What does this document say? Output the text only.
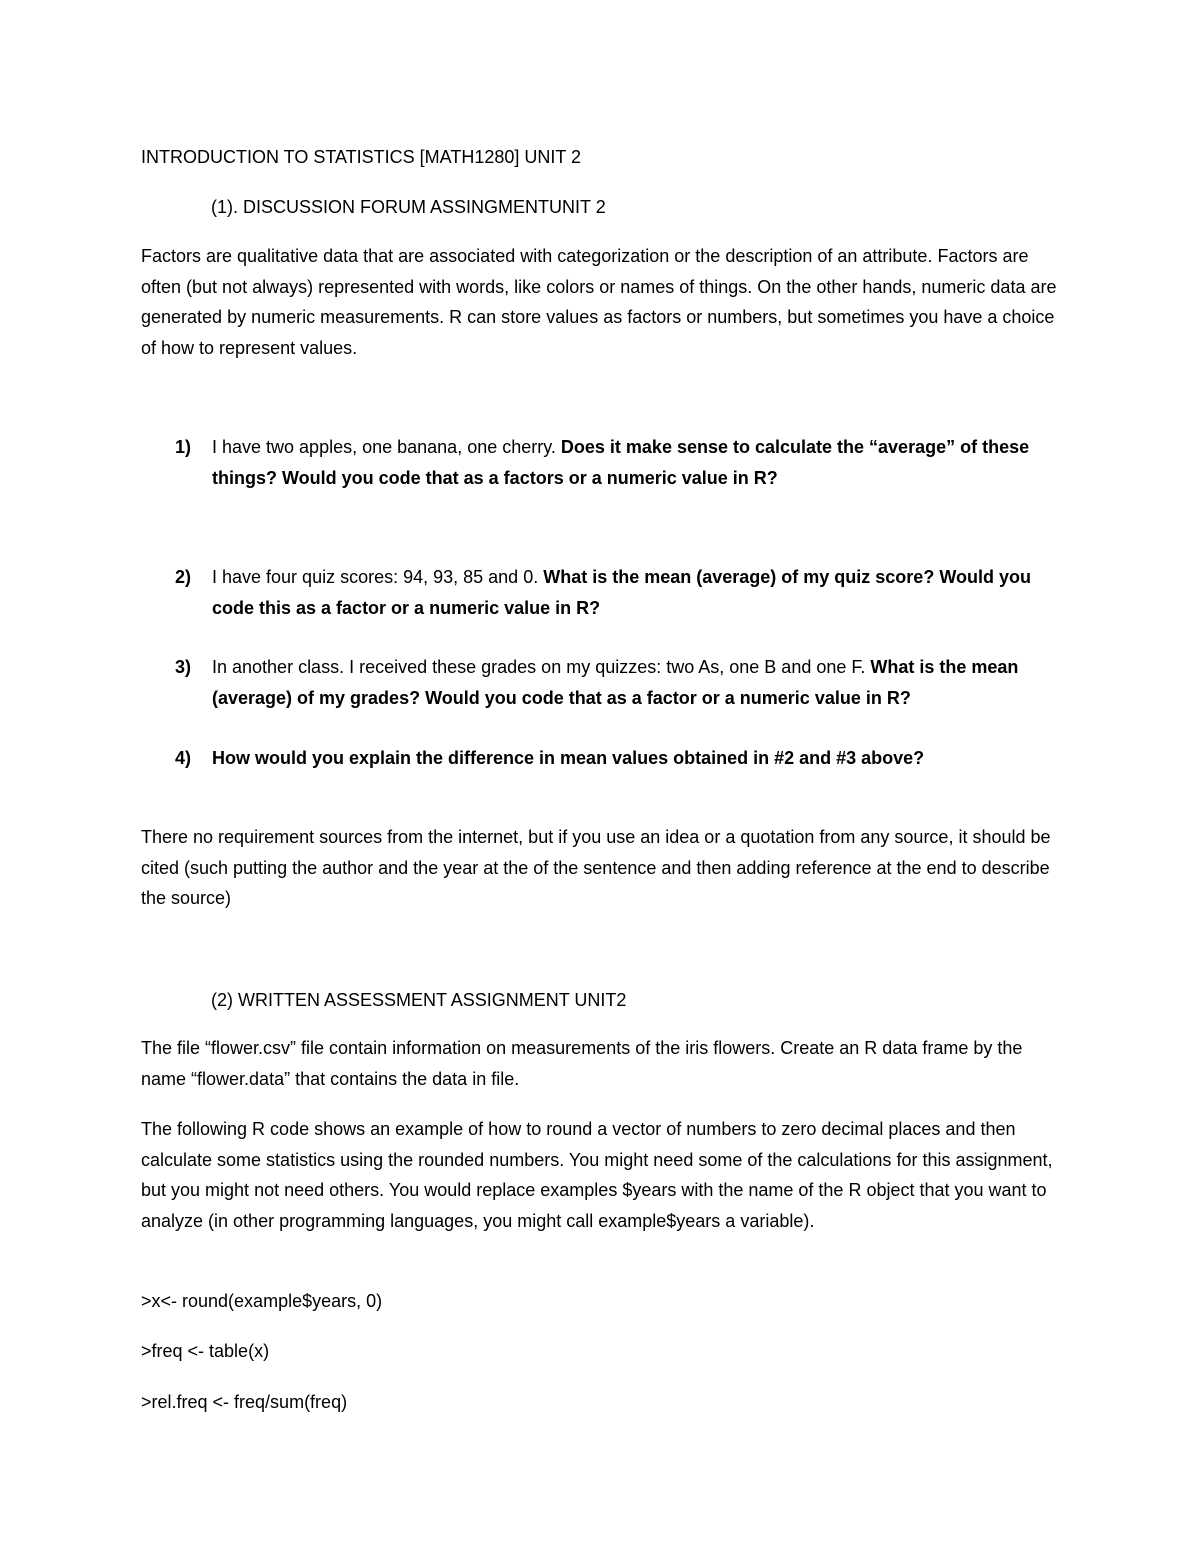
INTRODUCTION TO STATISTICS [MATH1280] UNIT 2
(1). DISCUSSION FORUM ASSINGMENTUNIT 2
Factors are qualitative data that are associated with categorization or the description of an attribute. Factors are often (but not always) represented with words, like colors or names of things. On the other hands, numeric data are generated by numeric measurements. R can store values as factors or numbers, but sometimes you have a choice of how to represent values.
1) I have two apples, one banana, one cherry. Does it make sense to calculate the “average” of these things? Would you code that as a factors or a numeric value in R?
2) I have four quiz scores: 94, 93, 85 and 0. What is the mean (average) of my quiz score? Would you code this as a factor or a numeric value in R?
3) In another class. I received these grades on my quizzes: two As, one B and one F. What is the mean (average) of my grades? Would you code that as a factor or a numeric value in R?
4) How would you explain the difference in mean values obtained in #2 and #3 above?
There no requirement sources from the internet, but if you use an idea or a quotation from any source, it should be cited (such putting the author and the year at the of the sentence and then adding reference at the end to describe the source)
(2) WRITTEN ASSESSMENT ASSIGNMENT UNIT2
The file “flower.csv” file contain information on measurements of the iris flowers. Create an R data frame by the name “flower.data” that contains the data in file.
The following R code shows an example of how to round a vector of numbers to zero decimal places and then calculate some statistics using the rounded numbers. You might need some of the calculations for this assignment, but you might not need others. You would replace examples $years with the name of the R object that you want to analyze (in other programming languages, you might call example$years a variable).
>x<- round(example$years, 0)
>freq <- table(x)
>rel.freq <- freq/sum(freq)
